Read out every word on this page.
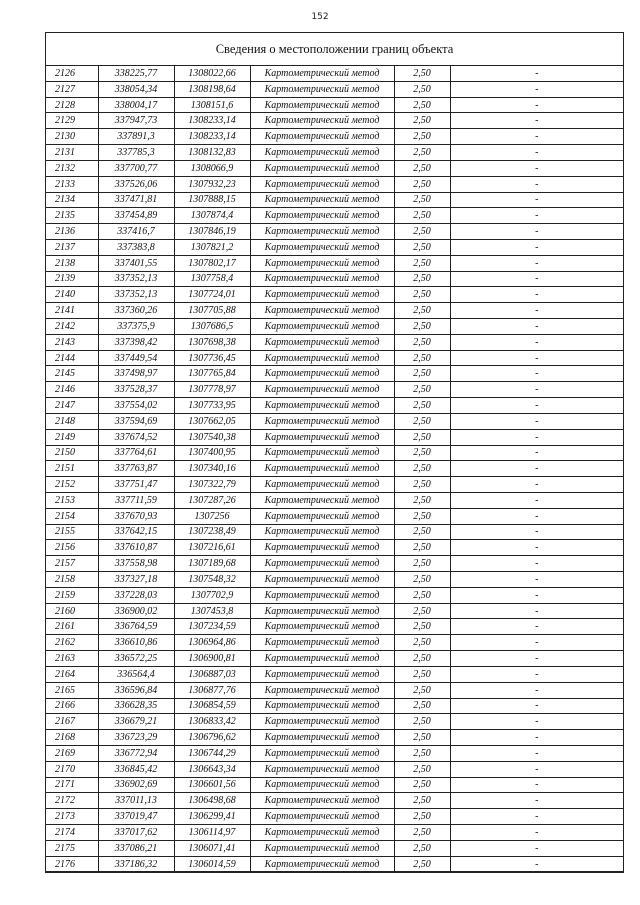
152
Сведения о местоположении границ объекта

2126	338225,77	1308022,66	Картометрический метод	2,50	-
2127	338054,34	1308198,64	Картометрический метод	2,50	-
2128	338004,17	1308151,6	Картометрический метод	2,50	-
2129	337947,73	1308233,14	Картометрический метод	2,50	-
2130	337891,3	1308233,14	Картометрический метод	2,50	-
2131	337785,3	1308132,83	Картометрический метод	2,50	-
2132	337700,77	1308066,9	Картометрический метод	2,50	-
2133	337526,06	1307932,23	Картометрический метод	2,50	-
2134	337471,81	1307888,15	Картометрический метод	2,50	-
2135	337454,89	1307874,4	Картометрический метод	2,50	-
2136	337416,7	1307846,19	Картометрический метод	2,50	-
2137	337383,8	1307821,2	Картометрический метод	2,50	-
2138	337401,55	1307802,17	Картометрический метод	2,50	-
2139	337352,13	1307758,4	Картометрический метод	2,50	-
2140	337352,13	1307724,01	Картометрический метод	2,50	-
2141	337360,26	1307705,88	Картометрический метод	2,50	-
2142	337375,9	1307686,5	Картометрический метод	2,50	-
2143	337398,42	1307698,38	Картометрический метод	2,50	-
2144	337449,54	1307736,45	Картометрический метод	2,50	-
2145	337498,97	1307765,84	Картометрический метод	2,50	-
2146	337528,37	1307778,97	Картометрический метод	2,50	-
2147	337554,02	1307733,95	Картометрический метод	2,50	-
2148	337594,69	1307662,05	Картометрический метод	2,50	-
2149	337674,52	1307540,38	Картометрический метод	2,50	-
2150	337764,61	1307400,95	Картометрический метод	2,50	-
2151	337763,87	1307340,16	Картометрический метод	2,50	-
2152	337751,47	1307322,79	Картометрический метод	2,50	-
2153	337711,59	1307287,26	Картометрический метод	2,50	-
2154	337670,93	1307256	Картометрический метод	2,50	-
2155	337642,15	1307238,49	Картометрический метод	2,50	-
2156	337610,87	1307216,61	Картометрический метод	2,50	-
2157	337558,98	1307189,68	Картометрический метод	2,50	-
2158	337327,18	1307548,32	Картометрический метод	2,50	-
2159	337228,03	1307702,9	Картометрический метод	2,50	-
2160	336900,02	1307453,8	Картометрический метод	2,50	-
2161	336764,59	1307234,59	Картометрический метод	2,50	-
2162	336610,86	1306964,86	Картометрический метод	2,50	-
2163	336572,25	1306900,81	Картометрический метод	2,50	-
2164	336564,4	1306887,03	Картометрический метод	2,50	-
2165	336596,84	1306877,76	Картометрический метод	2,50	-
2166	336628,35	1306854,59	Картометрический метод	2,50	-
2167	336679,21	1306833,42	Картометрический метод	2,50	-
2168	336723,29	1306796,62	Картометрический метод	2,50	-
2169	336772,94	1306744,29	Картометрический метод	2,50	-
2170	336845,42	1306643,34	Картометрический метод	2,50	-
2171	336902,69	1306601,56	Картометрический метод	2,50	-
2172	337011,13	1306498,68	Картометрический метод	2,50	-
2173	337019,47	1306299,41	Картометрический метод	2,50	-
2174	337017,62	1306114,97	Картометрический метод	2,50	-
2175	337086,21	1306071,41	Картометрический метод	2,50	-
2176	337186,32	1306014,59	Картометрический метод	2,50	-
